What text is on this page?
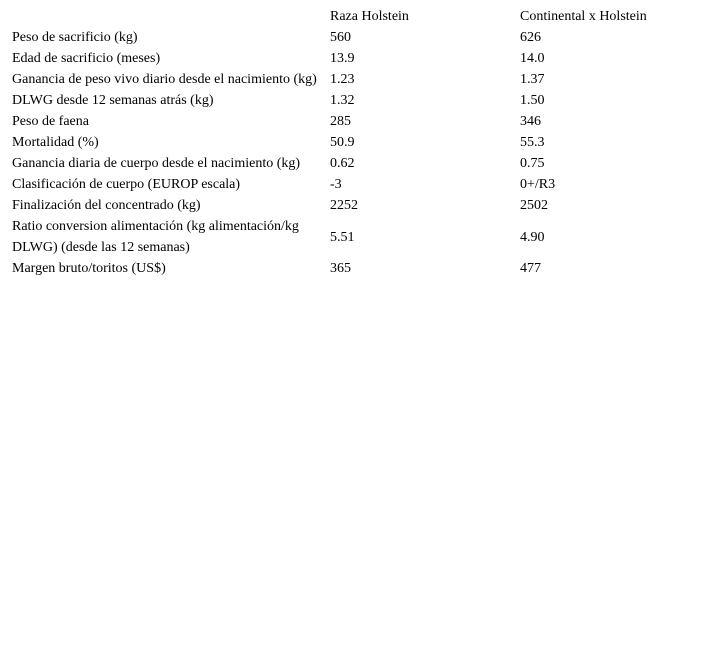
	Raza Holstein	Continental x Holstein
Peso de sacrificio (kg)	560	626
Edad de sacrificio (meses)	13.9	14.0
Ganancia de peso vivo diario desde el nacimiento (kg)	1.23	1.37
DLWG desde 12 semanas atrás (kg)	1.32	1.50
Peso de faena	285	346
Mortalidad (%)	50.9	55.3
Ganancia diaria de cuerpo desde el nacimiento (kg)	0.62	0.75
Clasificación de cuerpo (EUROP escala)	-3	0+/R3
Finalización del concentrado (kg)	2252	2502
Ratio conversion alimentación (kg alimentación/kg DLWG) (desde las 12 semanas)	5.51	4.90
Margen bruto/toritos (US$)	365	477
